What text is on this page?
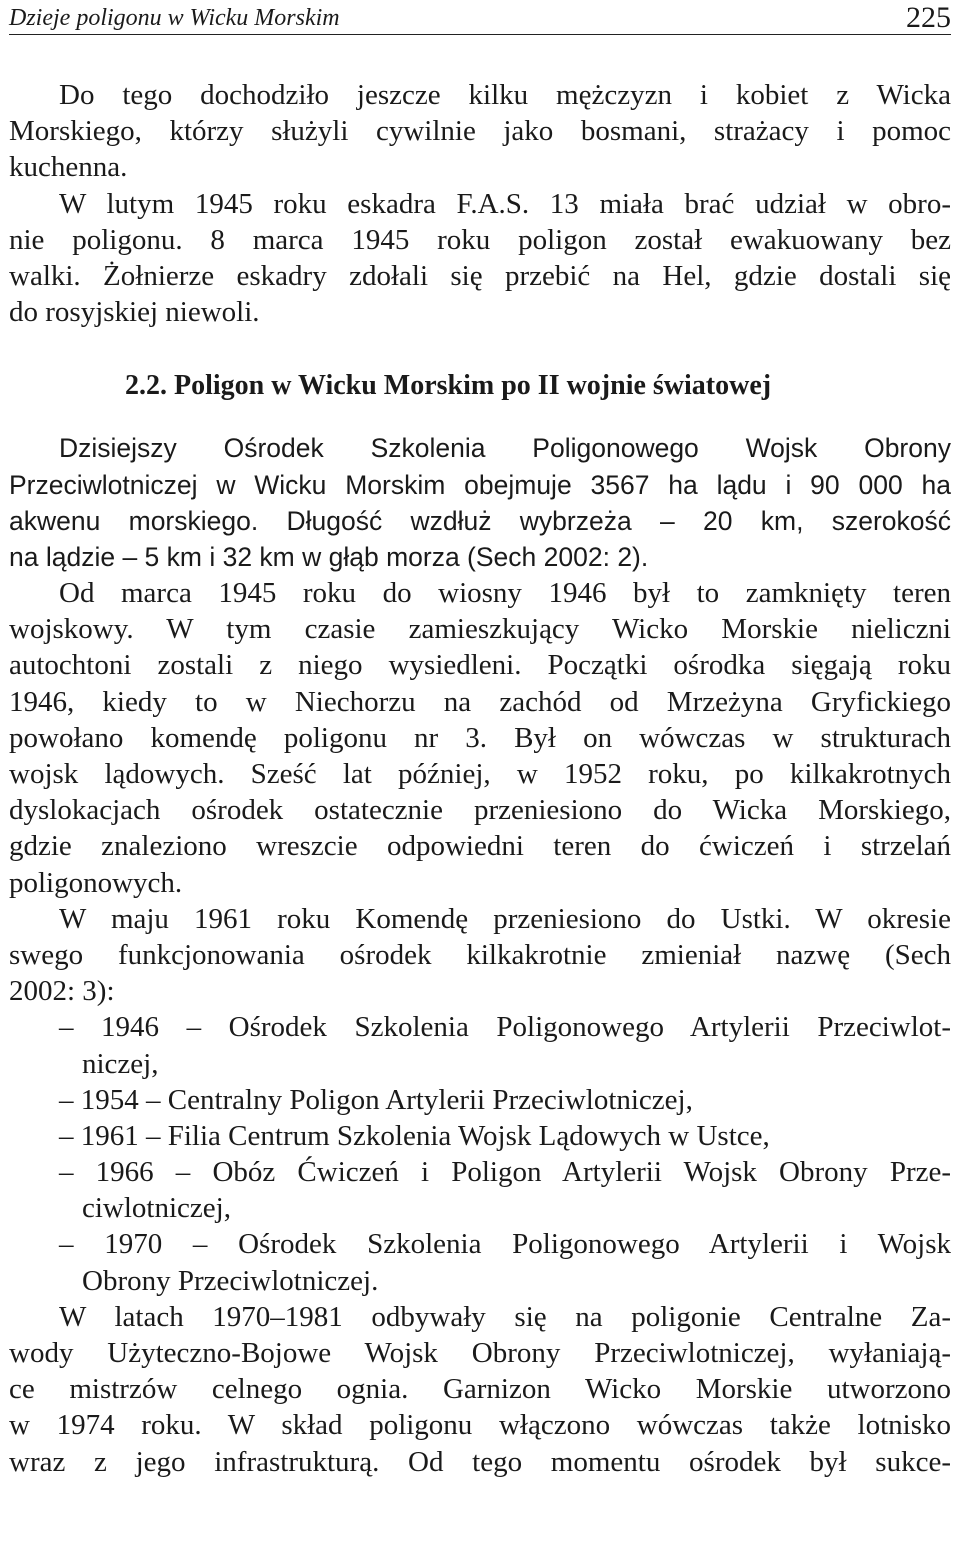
Dzieje poligonu w Wicku Morskim	225
Do tego dochodziło jeszcze kilku mężczyzn i kobiet z Wicka
Morskiego, którzy służyli cywilnie jako bosmani, strażacy i pomoc
kuchenna.
W lutym 1945 roku eskadra F.A.S. 13 miała brać udział w obro-
nie poligonu. 8 marca 1945 roku poligon został ewakuowany bez
walki. Żołnierze eskadry zdołali się przebić na Hel, gdzie dostali się
do rosyjskiej niewoli.
2.2. Poligon w Wicku Morskim po II wojnie światowej
Dzisiejszy Ośrodek Szkolenia Poligonowego Wojsk Obrony
Przeciwlotniczej w Wicku Morskim obejmuje 3567 ha lądu i 90 000 ha
akwenu morskiego. Długość wzdłuż wybrzeża – 20 km, szerokość
na lądzie – 5 km i 32 km w głąb morza (Sech 2002: 2).
Od marca 1945 roku do wiosny 1946 był to zamknięty teren
wojskowy. W tym czasie zamieszkujący Wicko Morskie nieliczni
autochtoni zostali z niego wysiedleni. Początki ośrodka sięgają roku
1946, kiedy to w Niechorzu na zachód od Mrzeżyna Gryfickiego
powołano komendę poligonu nr 3. Był on wówczas w strukturach
wojsk lądowych. Sześć lat później, w 1952 roku, po kilkakrotnych
dyslokacjach ośrodek ostatecznie przeniesiono do Wicka Morskiego,
gdzie znaleziono wreszcie odpowiedni teren do ćwiczeń i strzelań
poligonowych.
W maju 1961 roku Komendę przeniesiono do Ustki. W okresie
swego funkcjonowania ośrodek kilkakrotnie zmieniał nazwę (Sech
2002: 3):
– 1946 – Ośrodek Szkolenia Poligonowego Artylerii Przeciwlot-
niczej,
– 1954 – Centralny Poligon Artylerii Przeciwlotniczej,
– 1961 – Filia Centrum Szkolenia Wojsk Lądowych w Ustce,
– 1966 – Obóz Ćwiczeń i Poligon Artylerii Wojsk Obrony Prze-
ciwlotniczej,
– 1970 – Ośrodek Szkolenia Poligonowego Artylerii i Wojsk
Obrony Przeciwlotniczej.
W latach 1970–1981 odbywały się na poligonie Centralne Za-
wody Użyteczno-Bojowe Wojsk Obrony Przeciwlotniczej, wyłaniają-
ce mistrzów celnego ognia. Garnizon Wicko Morskie utworzono
w 1974 roku. W skład poligonu włączono wówczas także lotnisko
wraz z jego infrastrukturą. Od tego momentu ośrodek był sukce-
